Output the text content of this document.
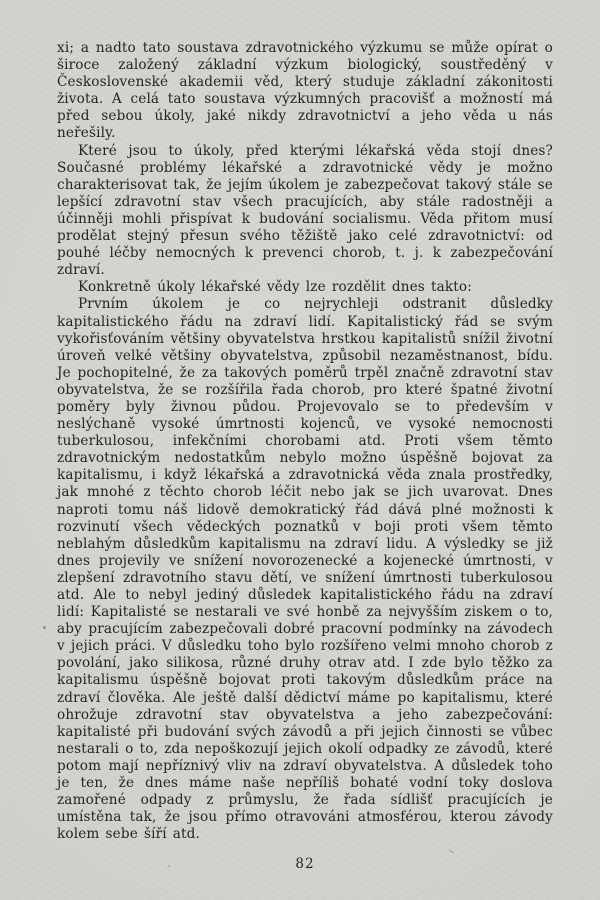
xi; a nadto tato soustava zdravotnického výzkumu se může opírat o široce založený základní výzkum biologický, soustředěný v Československé akademii věd, který studuje základní zákonitosti života. A celá tato soustava výzkumných pracovišť a možností má před sebou úkoly, jaké nikdy zdravotnictví a jeho věda u nás neřešily.

Které jsou to úkoly, před kterými lékařská věda stojí dnes? Současné problémy lékařské a zdravotnické vědy je možno charakterisovat tak, že jejím úkolem je zabezpečovat takový stále se lepšící zdravotní stav všech pracujících, aby stále radostněji a účinněji mohli přispívat k budování socialismu. Věda přitom musí prodělat stejný přesun svého těžiště jako celé zdravotnictví: od pouhé léčby nemocných k prevenci chorob, t. j. k zabezpečování zdraví.

Konkretně úkoly lékařské vědy lze rozdělit dnes takto:

Prvním úkolem je co nejrychleji odstranit důsledky kapitalistického řádu na zdraví lidí. Kapitalistický řád se svým vykořisťováním většiny obyvatelstva hrstkou kapitalistů snížil životní úroveň velké většiny obyvatelstva, způsobil nezaměstnanost, bídu. Je pochopitelné, že za takových poměrů trpěl značně zdravotní stav obyvatelstva, že se rozšířila řada chorob, pro které špatné životní poměry byly živnou půdou. Projevovalo se to především v neslýchaně vysoké úmrtnosti kojenců, ve vysoké nemocnosti tuberkulosou, infekčními chorobami atd. Proti všem těmto zdravotnickým nedostatkům nebylo možno úspěšně bojovat za kapitalismu, i když lékařská a zdravotnická věda znala prostředky, jak mnohé z těchto chorob léčit nebo jak se jich uvarovat. Dnes naproti tomu náš lidově demokratický řád dává plné možnosti k rozvinutí všech vědeckých poznatků v boji proti všem těmto neblahým důsledkům kapitalismu na zdraví lidu. A výsledky se již dnes projevily ve snížení novorozenecké a kojenecké úmrtnosti, v zlepšení zdravotního stavu dětí, ve snížení úmrtnosti tuberkulosou atd. Ale to nebyl jediný důsledek kapitalistického řádu na zdraví lidí: Kapitalisté se nestarali ve své honbě za nejvyšším ziskem o to, aby pracujícím zabezpečovali dobré pracovní podmínky na závodech v jejich práci. V důsledku toho bylo rozšířeno velmi mnoho chorob z povolání, jako silikosa, různé druhy otrav atd. I zde bylo těžko za kapitalismu úspěšně bojovat proti takovým důsledkům práce na zdraví člověka. Ale ještě další dědictví máme po kapitalismu, které ohrožuje zdravotní stav obyvatelstva a jeho zabezpečování: kapitalisté při budování svých závodů a při jejich činnosti se vůbec nestarali o to, zda nepoškozují jejich okolí odpadky ze závodů, které potom mají nepříznivý vliv na zdraví obyvatelstva. A důsledek toho je ten, že dnes máme naše nepříliš bohaté vodní toky doslova zamořené odpady z průmyslu, že řada sídlišť pracujících je umístěna tak, že jsou přímo otravováni atmosférou, kterou závody kolem sebe šíří atd.

82
